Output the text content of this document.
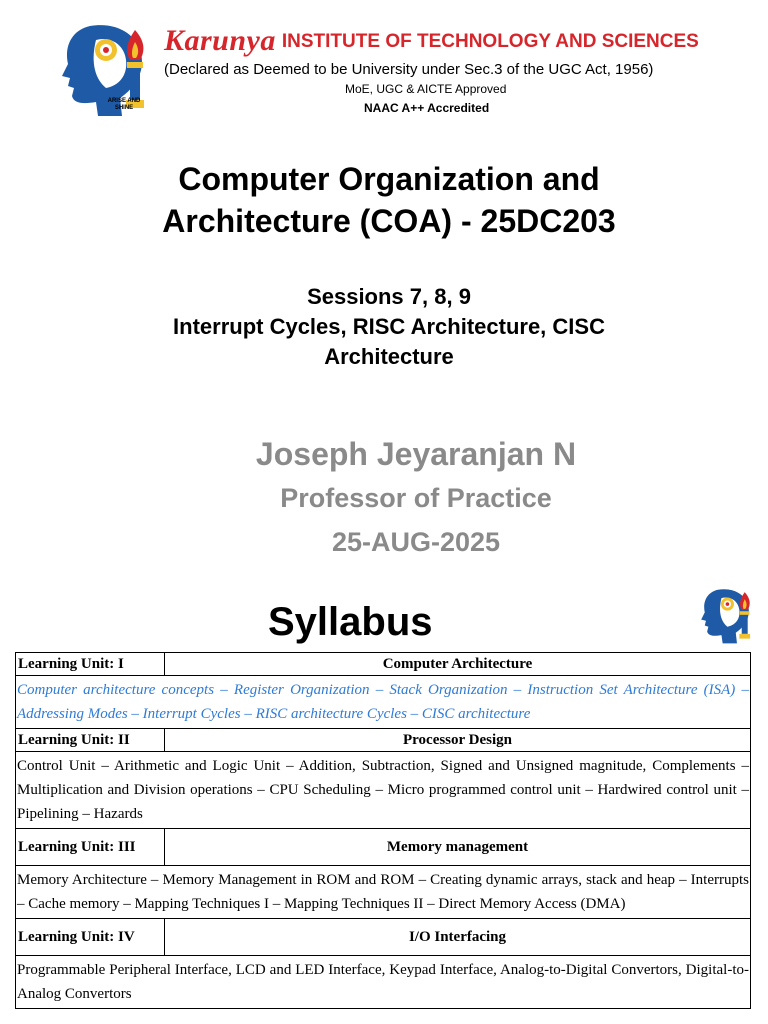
ARISE AND SHINE
Karunya INSTITUTE OF TECHNOLOGY AND SCIENCES
(Declared as Deemed to be University under Sec.3 of the UGC Act, 1956)
MoE, UGC & AICTE Approved
NAAC A++ Accredited
Computer Organization and
Architecture (COA) - 25DC203
Sessions 7, 8, 9
Interrupt Cycles, RISC Architecture, CISC
Architecture
Joseph Jeyaranjan N
Professor of Practice
25-AUG-2025
Syllabus
Learning Unit: I	Computer Architecture
Computer architecture concepts – Register Organization – Stack Organization – Instruction Set Architecture (ISA) – Addressing Modes – Interrupt Cycles – RISC architecture Cycles – CISC architecture	
Learning Unit: II	Processor Design
Control Unit – Arithmetic and Logic Unit – Addition, Subtraction, Signed and Unsigned magnitude, Complements – Multiplication and Division operations – CPU Scheduling – Micro programmed control unit – Hardwired control unit – Pipelining – Hazards	
Learning Unit: III	Memory management
Memory Architecture – Memory Management in ROM and ROM – Creating dynamic arrays, stack and heap – Interrupts – Cache memory – Mapping Techniques I – Mapping Techniques II – Direct Memory Access (DMA)	
Learning Unit: IV	I/O Interfacing
Programmable Peripheral Interface, LCD and LED Interface, Keypad Interface, Analog-to-Digital Convertors, Digital-to-Analog Convertors	
